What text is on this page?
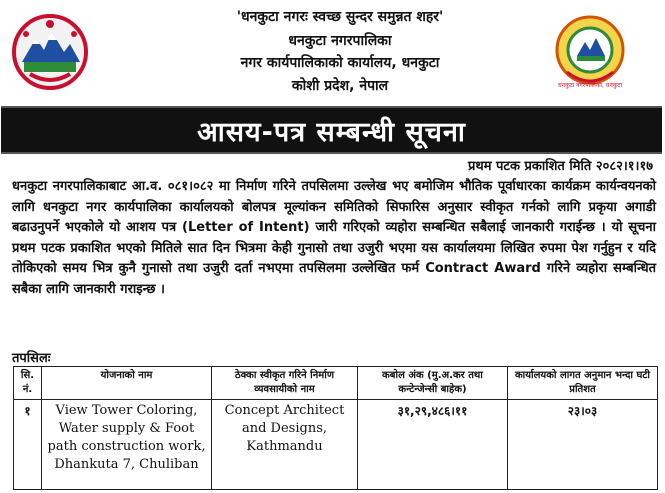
'धनकुटा नगरः स्वच्छ सुन्दर समुन्नत शहर'
धनकुटा नगरपालिका
नगर कार्यपालिकाको कार्यालय, धनकुटा
कोशी प्रदेश, नेपाल	धनकुटा नगरपालिका, धनकुटा
आसय-पत्र सम्बन्धी सूचना
प्रथम पटक प्रकाशित मिति २०८२।१।१७
धनकुटा नगरपालिकाबाट आ.व. ०८१।०८२ मा निर्माण गरिने तपसिलमा उल्लेख भए बमोजिम भौतिक पूर्वाधारका कार्यक्रम कार्यन्वयनको लागि धनकुटा नगर कार्यपालिका कार्यालयको बोलपत्र मूल्यांकन समितिको सिफारिस अनुसार स्वीकृत गर्नको लागि प्रकृया अगाडी बढाउनुपर्ने भएकोले यो आशय पत्र (Letter of Intent) जारी गरिएको व्यहोरा सम्बन्धित सबैलाई जानकारी गराईन्छ । यो सूचना प्रथम पटक प्रकाशित भएको मितिले सात दिन भित्रमा केही गुनासो तथा उजुरी भएमा यस कार्यालयमा लिखित रुपमा पेश गर्नुहुन र यदि तोकिएको समय भित्र कुनै गुनासो तथा उजुरी दर्ता नभएमा तपसिलमा उल्लेखित फर्म Contract Award गरिने व्यहोरा सम्बन्धित सबैका लागि जानकारी गराइन्छ ।
तपसिलः
सि. नं.	योजनाको नाम	ठेक्का स्वीकृत गरिने निर्माण व्यवसायीको नाम	कबोल अंक (मु.अ.कर तथा कन्टेन्जेन्सी बाहेक)	कार्यालयको लागत अनुमान भन्दा घटी प्रतिशत
१	View Tower Coloring, Water supply & Foot path construction work, Dhankuta 7, Chuliban	Concept Architect and Designs, Kathmandu	३१,२९,४८६।११	२३।०३
